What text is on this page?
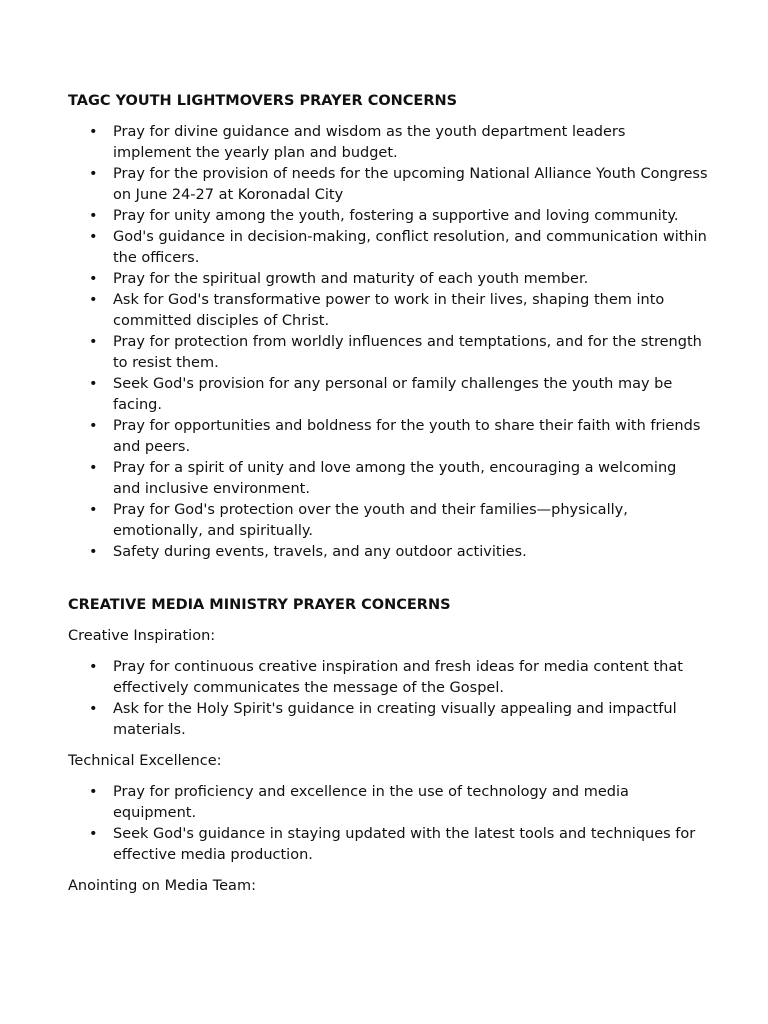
TAGC YOUTH LIGHTMOVERS PRAYER CONCERNS
• Pray for divine guidance and wisdom as the youth department leaders implement the yearly plan and budget.
• Pray for the provision of needs for the upcoming National Alliance Youth Congress on June 24-27 at Koronadal City
• Pray for unity among the youth, fostering a supportive and loving community.
• God's guidance in decision-making, conflict resolution, and communication within the officers.
• Pray for the spiritual growth and maturity of each youth member.
• Ask for God's transformative power to work in their lives, shaping them into committed disciples of Christ.
• Pray for protection from worldly influences and temptations, and for the strength to resist them.
• Seek God's provision for any personal or family challenges the youth may be facing.
• Pray for opportunities and boldness for the youth to share their faith with friends and peers.
• Pray for a spirit of unity and love among the youth, encouraging a welcoming and inclusive environment.
• Pray for God's protection over the youth and their families—physically, emotionally, and spiritually.
• Safety during events, travels, and any outdoor activities.
CREATIVE MEDIA MINISTRY PRAYER CONCERNS
Creative Inspiration:
• Pray for continuous creative inspiration and fresh ideas for media content that effectively communicates the message of the Gospel.
• Ask for the Holy Spirit's guidance in creating visually appealing and impactful materials.
Technical Excellence:
• Pray for proficiency and excellence in the use of technology and media equipment.
• Seek God's guidance in staying updated with the latest tools and techniques for effective media production.
Anointing on Media Team:
